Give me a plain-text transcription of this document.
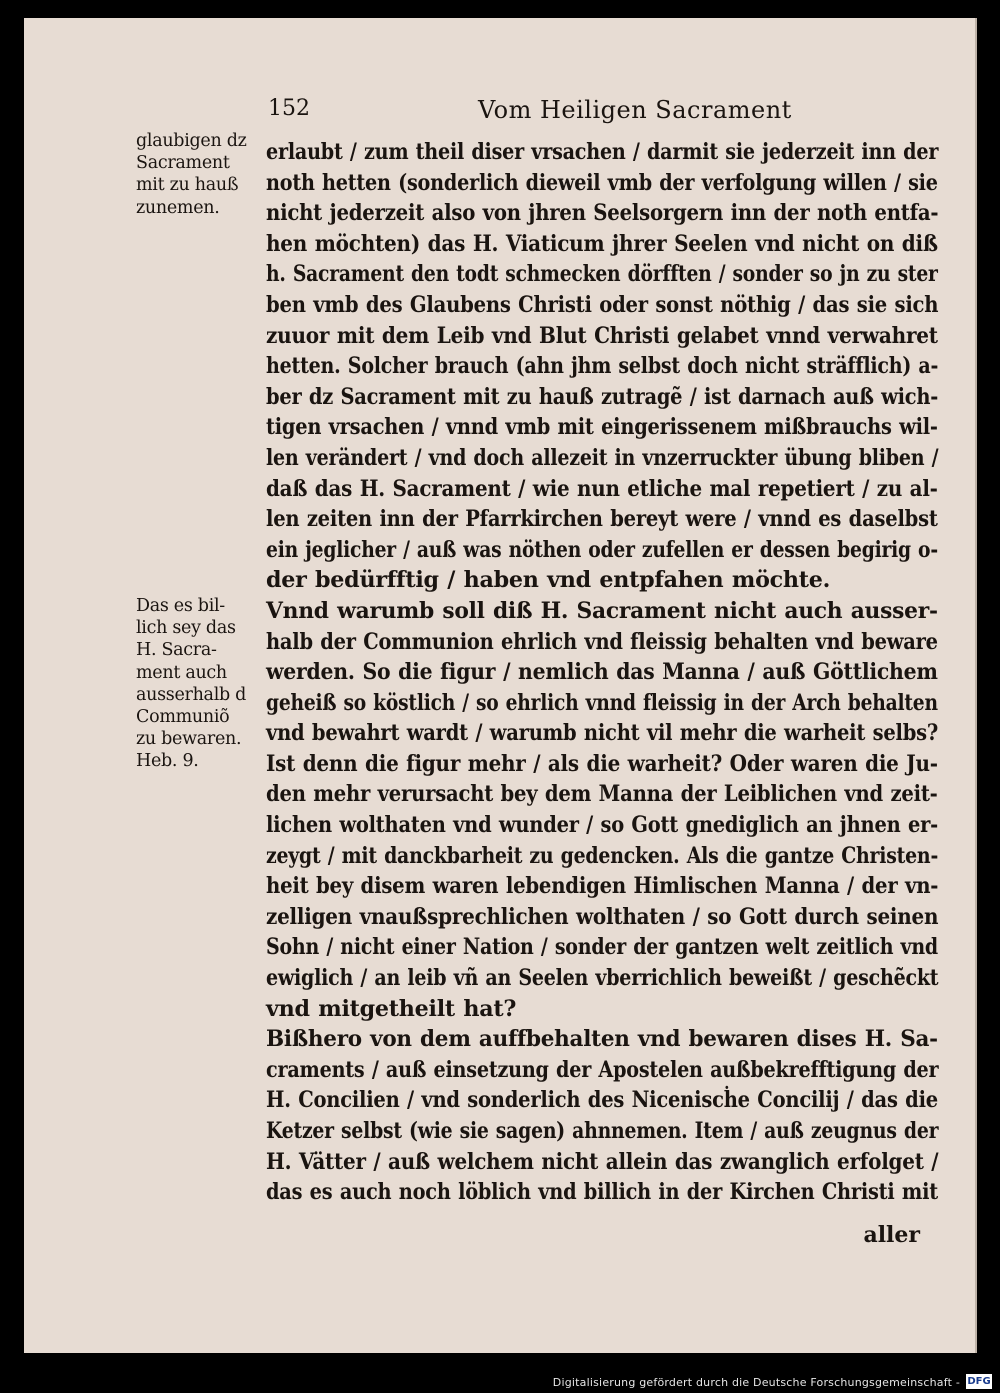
152	Vom Heiligen Sacrament
glaubigen dz
Sacrament
mit zu hauß
zunemen.
Das es bil-
lich sey das
H. Sacra-
ment auch
ausserhalb d
Communiõ
zu bewaren.
Heb. 9.
erlaubt / zum theil diser vrsachen / darmit sie jederzeit inn der
noth hetten (sonderlich dieweil vmb der verfolgung willen / sie
nicht jederzeit also von jhren Seelsorgern inn der noth entfa-
hen möchten) das H. Viaticum jhrer Seelen vnd nicht on diß
h. Sacrament den todt schmecken dörfften / sonder so jn zu ster
ben vmb des Glaubens Christi oder sonst nöthig / das sie sich
zuuor mit dem Leib vnd Blut Christi gelabet vnnd verwahret
hetten. Solcher brauch (ahn jhm selbst doch nicht sträfflich) a-
ber dz Sacrament mit zu hauß zutragẽ / ist darnach auß wich-
tigen vrsachen / vnnd vmb mit eingerissenem mißbrauchs wil-
len verändert / vnd doch allezeit in vnzerruckter übung bliben /
daß das H. Sacrament / wie nun etliche mal repetiert / zu al-
len zeiten inn der Pfarrkirchen bereyt were / vnnd es daselbst
ein jeglicher / auß was nöthen oder zufellen er dessen begirig o-
der bedürfftig / haben vnd entpfahen möchte.
Vnnd warumb soll diß H. Sacrament nicht auch ausser-
halb der Communion ehrlich vnd fleissig behalten vnd beware
werden. So die figur / nemlich das Manna / auß Göttlichem
geheiß so köstlich / so ehrlich vnnd fleissig in der Arch behalten
vnd bewahrt wardt / warumb nicht vil mehr die warheit selbs?
Ist denn die figur mehr / als die warheit? Oder waren die Ju-
den mehr verursacht bey dem Manna der Leiblichen vnd zeit-
lichen wolthaten vnd wunder / so Gott gnediglich an jhnen er-
zeygt / mit danckbarheit zu gedencken. Als die gantze Christen-
heit bey disem waren lebendigen Himlischen Manna / der vn-
zelligen vnaußsprechlichen wolthaten / so Gott durch seinen
Sohn / nicht einer Nation / sonder der gantzen welt zeitlich vnd
ewiglich / an leib vñ an Seelen vberrichlich beweißt / geschẽckt
vnd mitgetheilt hat?
Bißhero von dem auffbehalten vnd bewaren dises H. Sa-
craments / auß einsetzung der Apostelen außbekrefftigung der
H. Concilien / vnd sonderlich des Niceniscḣe Concilij / das die
Ketzer selbst (wie sie sagen) ahnnemen. Item / auß zeugnus der
H. Vätter / auß welchem nicht allein das zwanglich erfolget /
das es auch noch löblich vnd billich in der Kirchen Christi mit
aller
Digitalisierung gefördert durch die Deutsche Forschungsgemeinschaft - DFG
